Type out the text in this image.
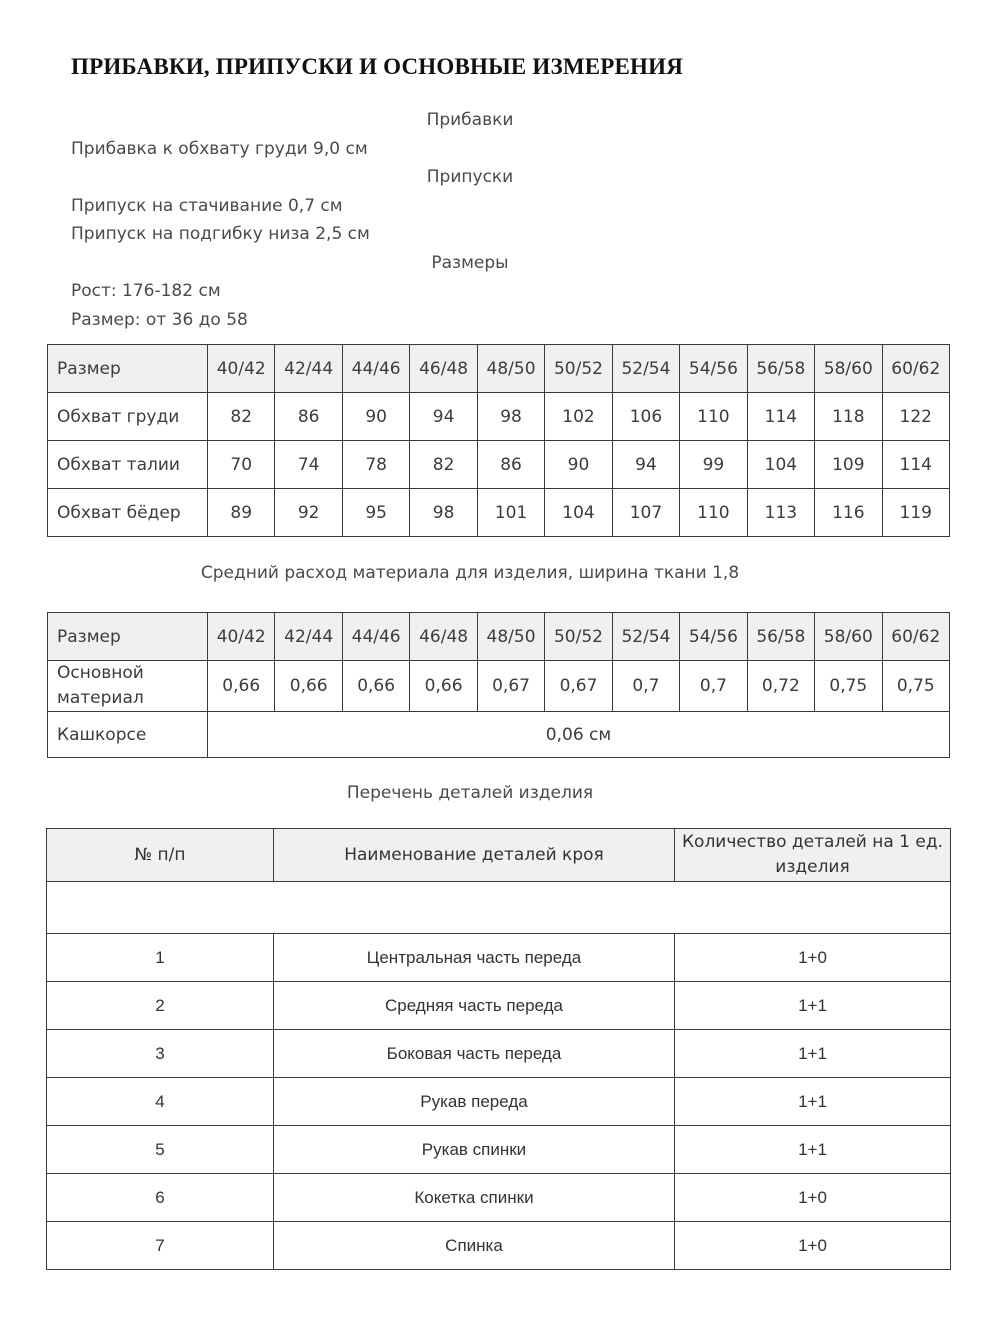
ПРИБАВКИ, ПРИПУСКИ И ОСНОВНЫЕ ИЗМЕРЕНИЯ
Прибавки
Прибавка к обхвату груди 9,0 см
Припуски
Припуск на стачивание 0,7 см
Припуск на подгибку низа 2,5 см
Размеры
Рост: 176-182 см
Размер: от 36 до 58
Размер	40/42	42/44	44/46	46/48	48/50	50/52	52/54	54/56	56/58	58/60	60/62
Обхват груди	82	86	90	94	98	102	106	110	114	118	122
Обхват талии	70	74	78	82	86	90	94	99	104	109	114
Обхват бёдер	89	92	95	98	101	104	107	110	113	116	119
Средний расход материала для изделия, ширина ткани 1,8
Размер	40/42	42/44	44/46	46/48	48/50	50/52	52/54	54/56	56/58	58/60	60/62
Основной материал	0,66	0,66	0,66	0,66	0,67	0,67	0,7	0,7	0,72	0,75	0,75
Кашкорсе	0,06 см										
Перечень деталей изделия
№ п/п	Наименование деталей кроя	Количество деталей на 1 ед. изделия

1	Центральная часть переда	1+0
2	Средняя часть переда	1+1
3	Боковая часть переда	1+1
4	Рукав переда	1+1
5	Рукав спинки	1+1
6	Кокетка спинки	1+0
7	Спинка	1+0
